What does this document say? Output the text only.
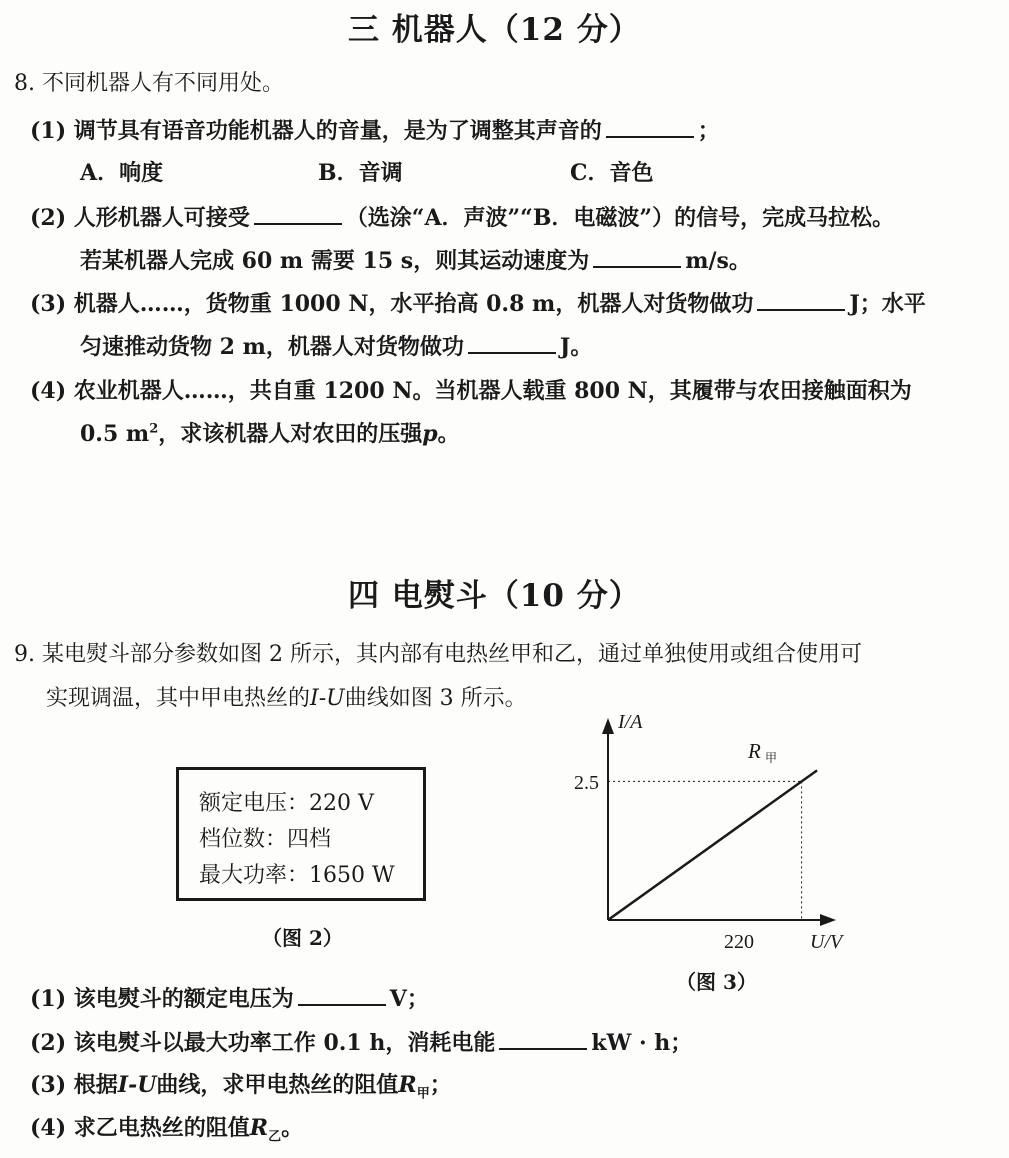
三 机器人（12 分）
8. 不同机器人有不同用处。
(1) 调节具有语音功能机器人的音量，是为了调整其声音的	；
A．响度	B．音调	C．音色
(2) 人形机器人可接受	（选涂“A．声波”“B．电磁波”）的信号，完成马拉松。
若某机器人完成 60 m 需要 15 s，则其运动速度为	m/s。
(3) 机器人……，货物重 1000 N，水平抬高 0.8 m，机器人对货物做功	J；水平
匀速推动货物 2 m，机器人对货物做功	J。
(4) 农业机器人……，共自重 1200 N。当机器人载重 800 N，其履带与农田接触面积为
0.5 $m^2$，求该机器人对农田的压强p。
四 电熨斗（10 分）
9. 某电熨斗部分参数如图 2 所示，其内部有电热丝甲和乙，通过单独使用或组合使用可
实现调温，其中甲电热丝的I-U曲线如图 3 所示。
额定电压：220 V
档位数：四档
最大功率：1650 W
（图 2）
I/A
U/V
2.5
220
R 甲
（图 3）
(1) 该电熨斗的额定电压为	V；
(2) 该电熨斗以最大功率工作 0.1 h，消耗电能	kW · h；
(3) 根据I-U曲线，求甲电热丝的阻值$R_甲$；
(4) 求乙电热丝的阻值$R_乙$。
